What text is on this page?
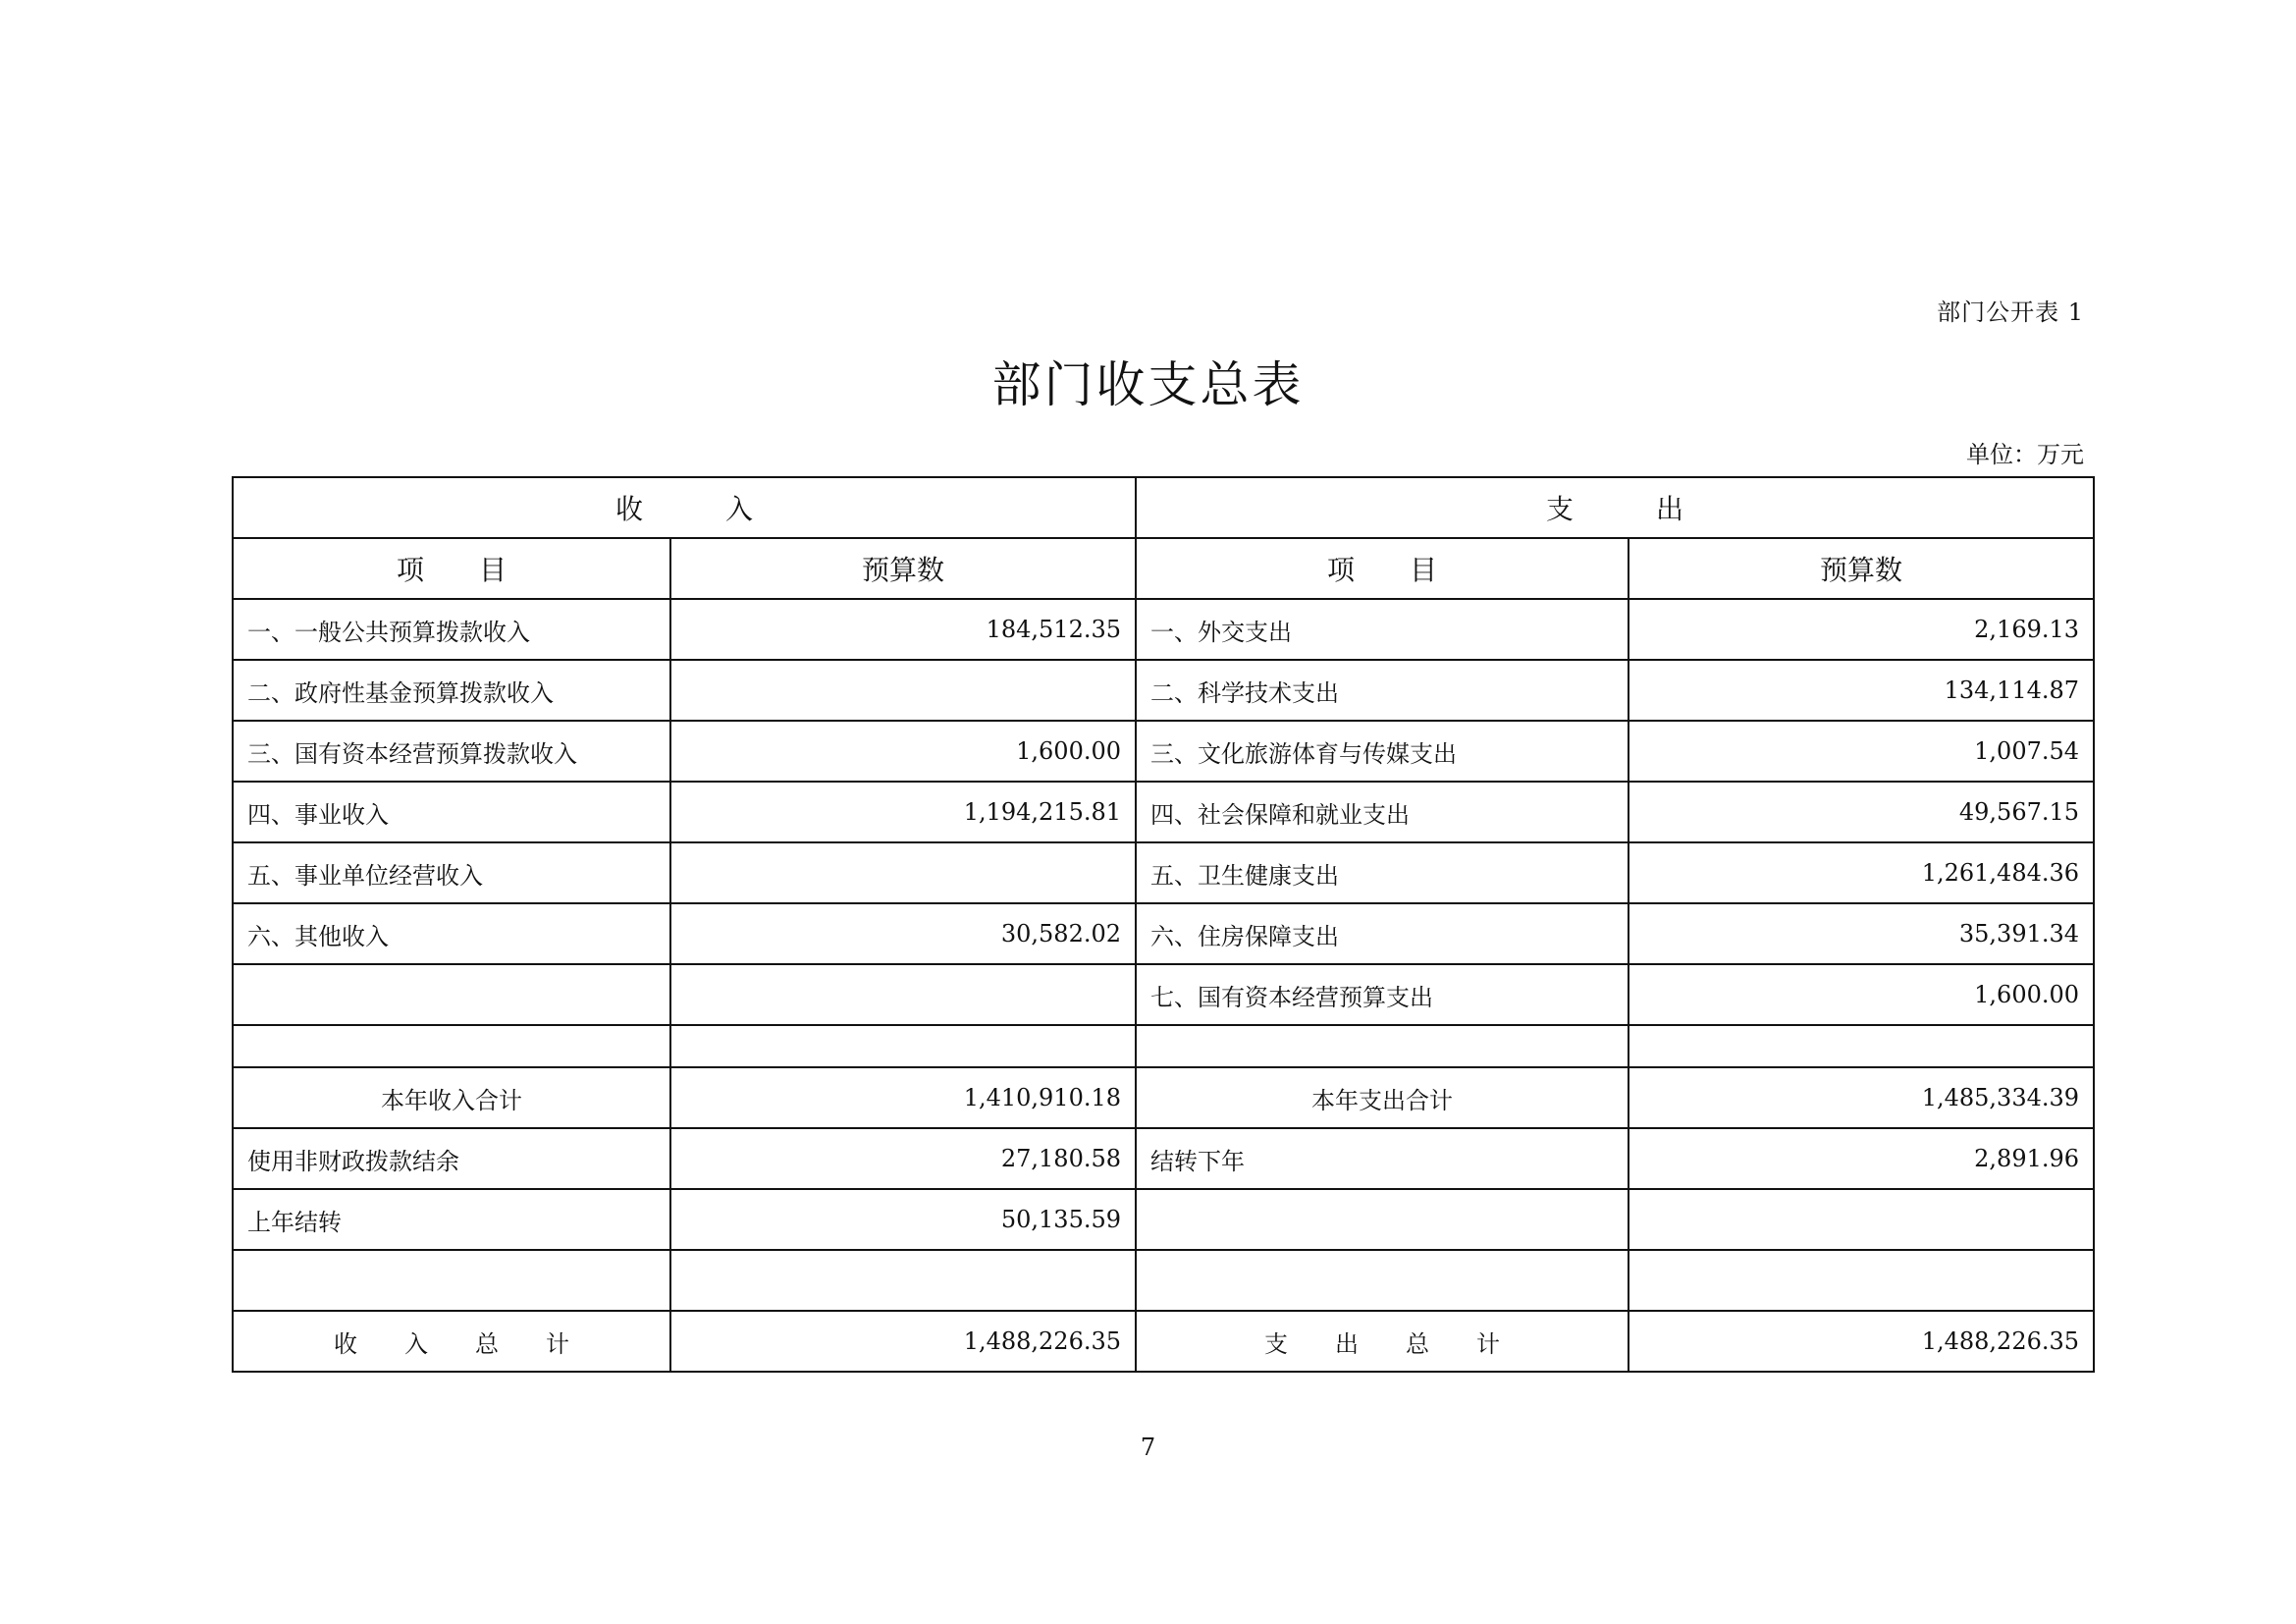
部门公开表 1
部门收支总表
单位：万元
收　　　入		支　　　出	
项　　目	预算数	项　　目	预算数
一、一般公共预算拨款收入	184,512.35	一、外交支出	2,169.13
二、政府性基金预算拨款收入		二、科学技术支出	134,114.87
三、国有资本经营预算拨款收入	1,600.00	三、文化旅游体育与传媒支出	1,007.54
四、事业收入	1,194,215.81	四、社会保障和就业支出	49,567.15
五、事业单位经营收入		五、卫生健康支出	1,261,484.36
六、其他收入	30,582.02	六、住房保障支出	35,391.34
		七、国有资本经营预算支出	1,600.00

本年收入合计	1,410,910.18	本年支出合计	1,485,334.39
使用非财政拨款结余	27,180.58	结转下年	2,891.96
上年结转	50,135.59		

收　　入　　总　　计	1,488,226.35	支　　出　　总　　计	1,488,226.35
7
